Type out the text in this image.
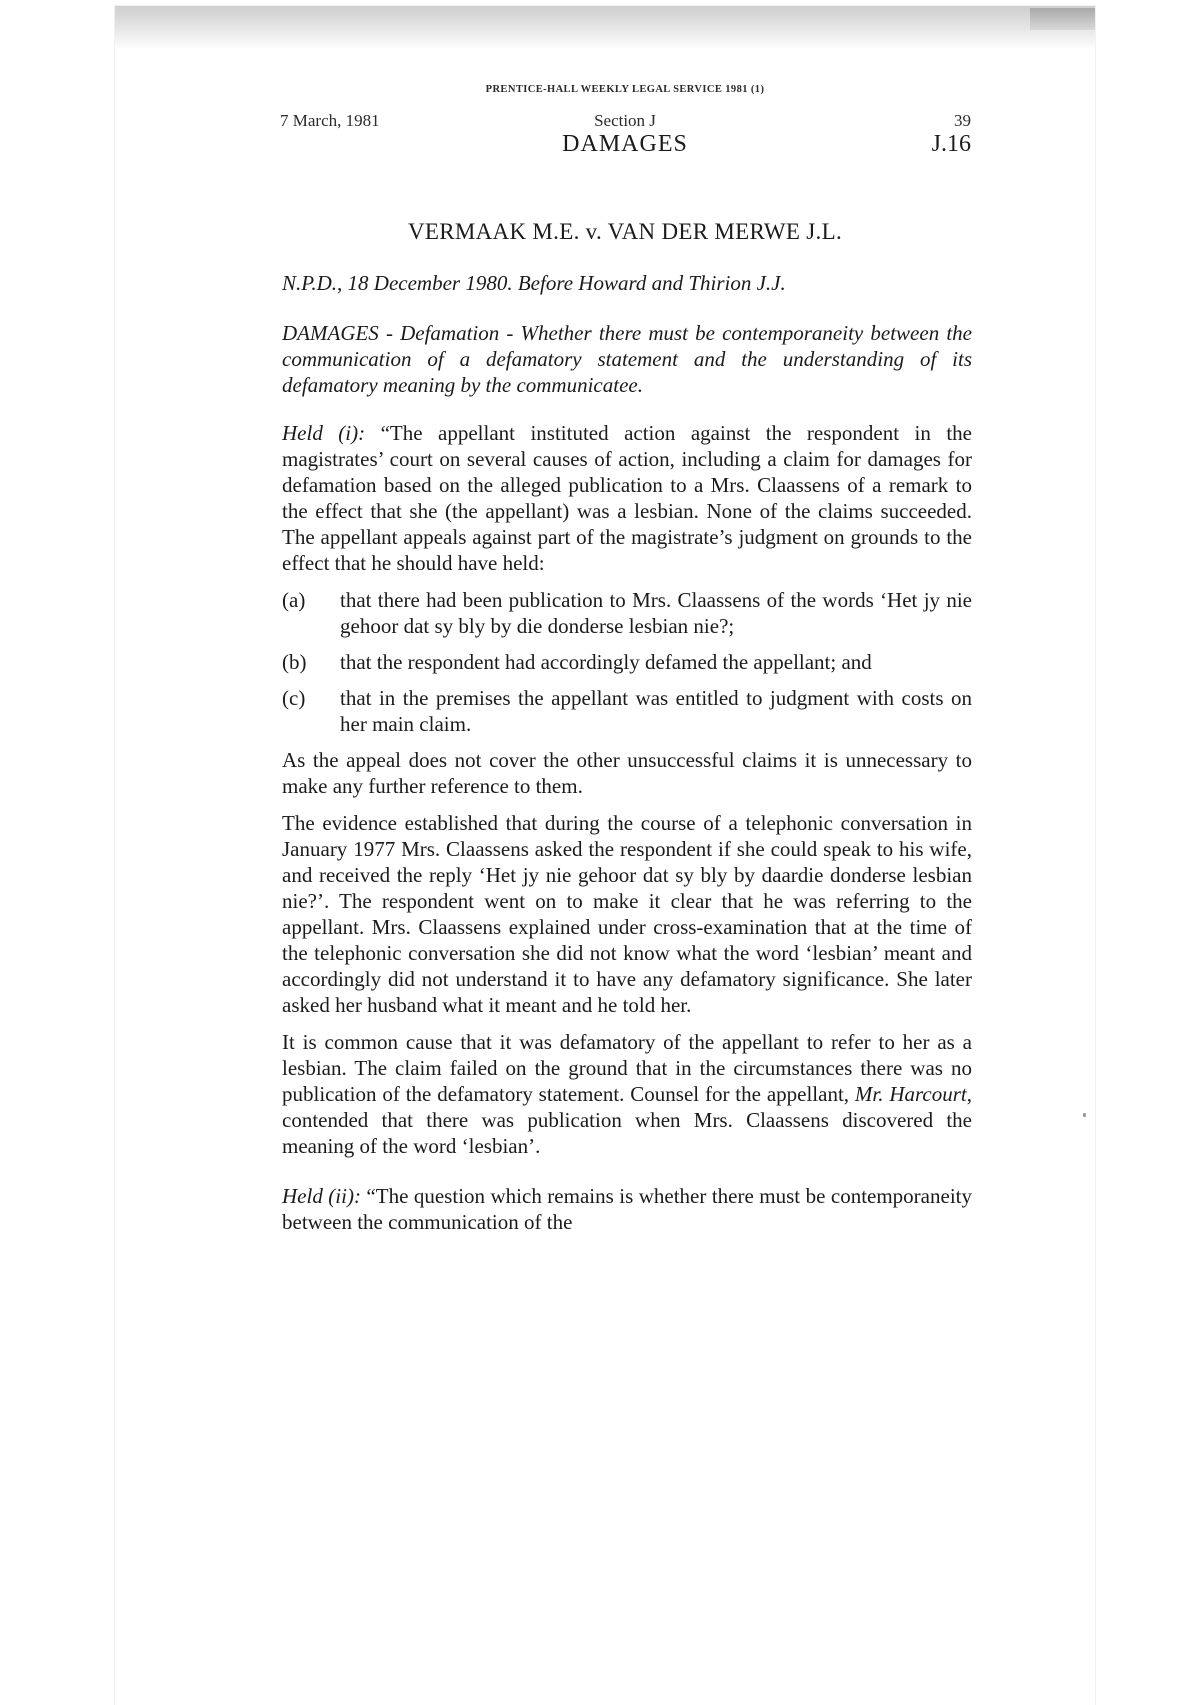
PRENTICE-HALL WEEKLY LEGAL SERVICE 1981 (1)
7 March, 1981	Section J	39
DAMAGES	J.16
VERMAAK M.E. v. VAN DER MERWE J.L.

N.P.D., 18 December 1980. Before Howard and Thirion J.J.

DAMAGES - Defamation - Whether there must be contemporaneity between the communication of a defamatory statement and the understanding of its defamatory meaning by the communicatee.

Held (i): “The appellant instituted action against the respondent in the magistrates’ court on several causes of action, including a claim for damages for defamation based on the alleged publication to a Mrs. Claassens of a remark to the effect that she (the appellant) was a lesbian. None of the claims succeeded. The appellant appeals against part of the magistrate’s judgment on grounds to the effect that he should have held:

(a)	that there had been publication to Mrs. Claassens of the words ‘Het jy nie gehoor dat sy bly by die donderse lesbian nie?;
(b)	that the respondent had accordingly defamed the appellant; and
(c)	that in the premises the appellant was entitled to judgment with costs on her main claim.

As the appeal does not cover the other unsuccessful claims it is unnecessary to make any further reference to them.

The evidence established that during the course of a telephonic conversation in January 1977 Mrs. Claassens asked the respondent if she could speak to his wife, and received the reply ‘Het jy nie gehoor dat sy bly by daardie donderse lesbian nie?’. The respondent went on to make it clear that he was referring to the appellant. Mrs. Claassens explained under cross-examination that at the time of the telephonic conversation she did not know what the word ‘lesbian’ meant and accordingly did not understand it to have any defamatory significance. She later asked her husband what it meant and he told her.

It is common cause that it was defamatory of the appellant to refer to her as a lesbian. The claim failed on the ground that in the circumstances there was no publication of the defamatory statement. Counsel for the appellant, Mr. Harcourt, contended that there was publication when Mrs. Claassens discovered the meaning of the word ‘lesbian’.

Held (ii): “The question which remains is whether there must be contemporaneity between the communication of the
